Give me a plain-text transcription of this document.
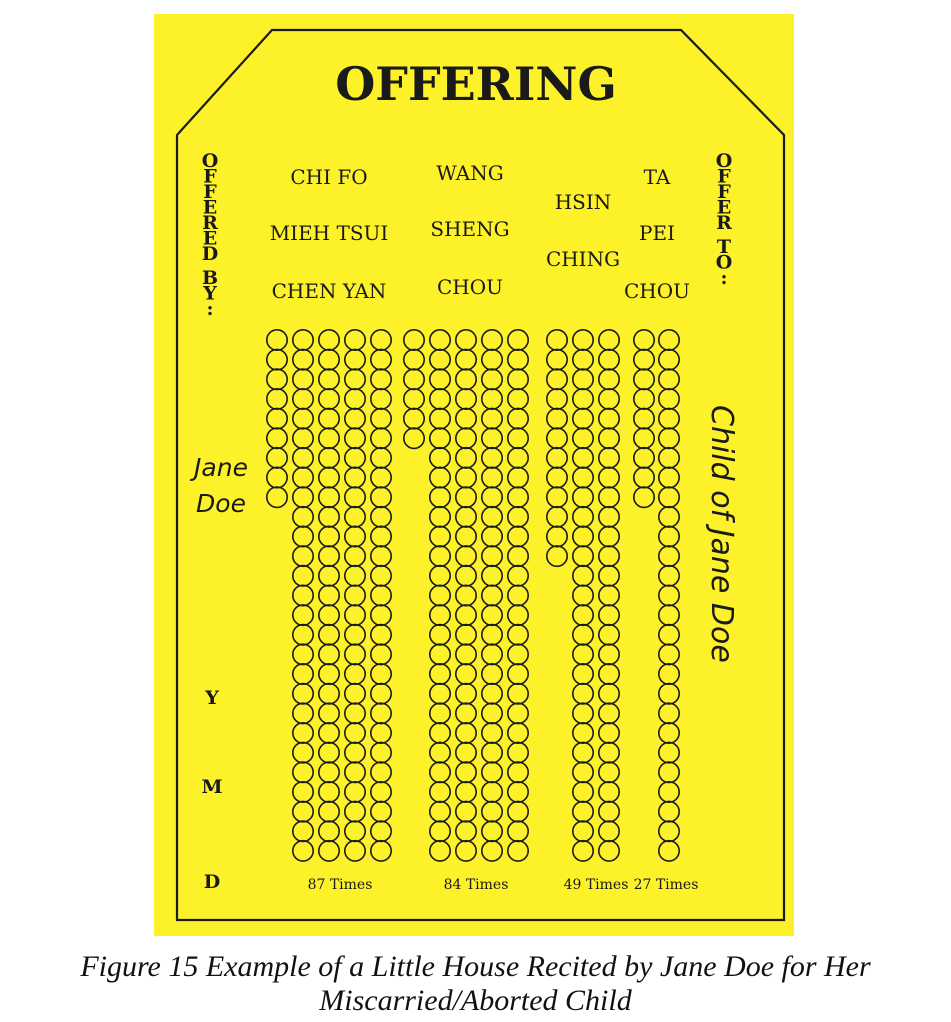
OFFERING
O
F
F
E
R
E
D
B
Y
:
O
F
F
E
R
T
O
:
Jane
Doe	Child of Jane Doe
Y
M
D
CHI FO
MIEH TSUI
CHEN YAN
WANG
SHENG
CHOU
HSIN
CHING
TA
PEI
CHOU
87 Times	84 Times	49 Times 27 Times
Figure 15 Example of a Little House Recited by Jane Doe for Her
Miscarried/Aborted Child
